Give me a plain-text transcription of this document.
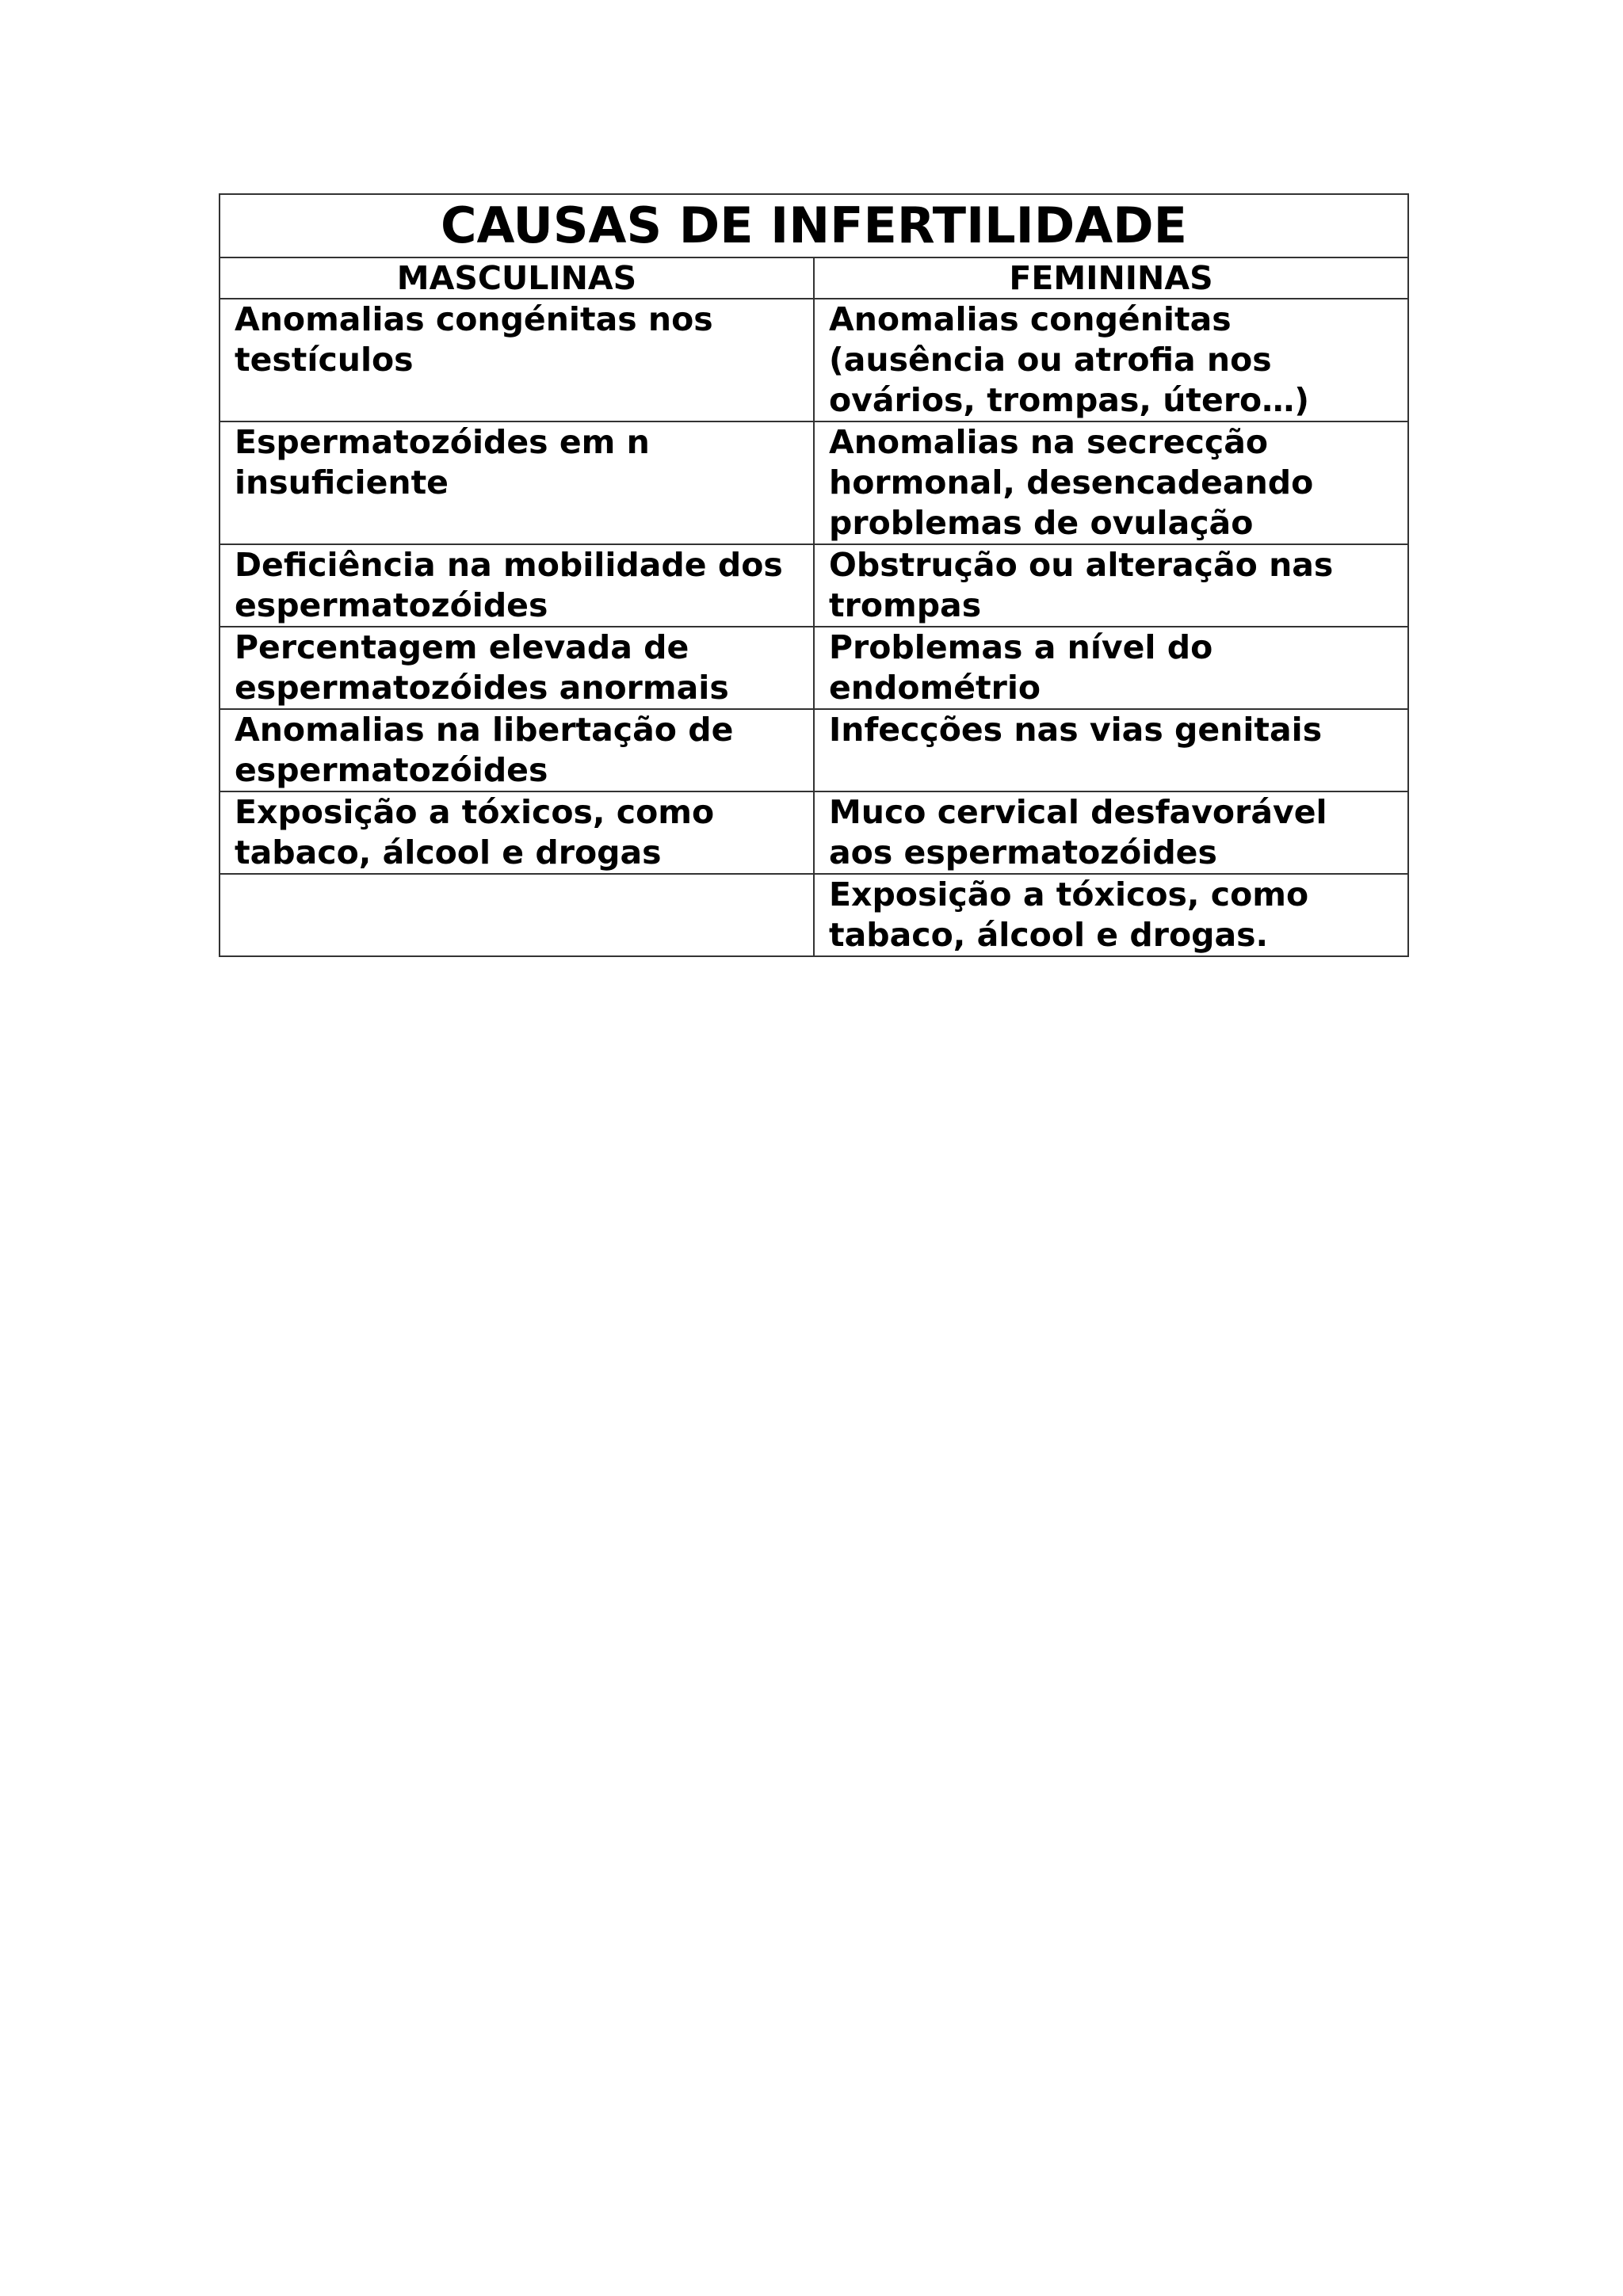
CAUSAS DE INFERTILIDADE	
MASCULINAS	FEMININAS
Anomalias congénitas nos testículos	Anomalias congénitas (ausência ou atrofia nos ovários, trompas, útero…)
Espermatozóides em n insuficiente	Anomalias na secrecção hormonal, desencadeando problemas de ovulação
Deficiência na mobilidade dos espermatozóides	Obstrução ou alteração nas trompas
Percentagem elevada de espermatozóides anormais	Problemas a nível do endométrio
Anomalias na libertação de espermatozóides	Infecções nas vias genitais
Exposição a tóxicos, como tabaco, álcool e drogas	Muco cervical desfavorável aos espermatozóides
	Exposição a tóxicos, como tabaco, álcool e drogas.
